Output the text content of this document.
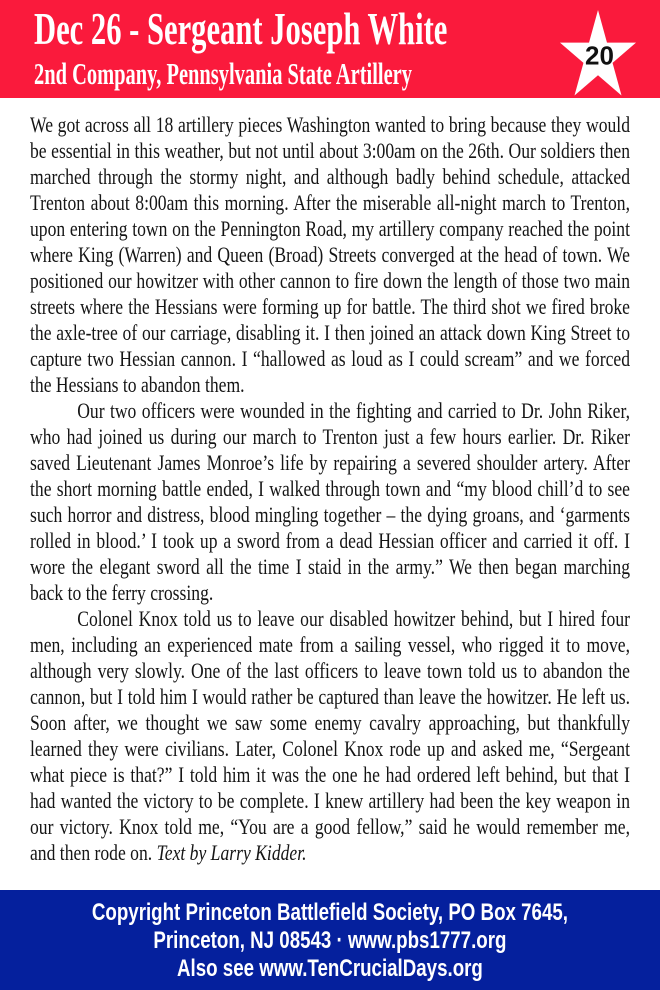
Dec 26 - Sergeant Joseph White
2nd Company, Pennsylvania State Artillery
20

We got across all 18 artillery pieces Washington wanted to bring because they would be essential in this weather, but not until about 3:00am on the 26th. Our soldiers then marched through the stormy night, and although badly behind schedule, attacked Trenton about 8:00am this morning. After the miserable all-night march to Trenton, upon entering town on the Pennington Road, my artillery company reached the point where King (Warren) and Queen (Broad) Streets converged at the head of town. We positioned our howitzer with other cannon to fire down the length of those two main streets where the Hessians were forming up for battle. The third shot we fired broke the axle-tree of our carriage, disabling it. I then joined an attack down King Street to capture two Hessian cannon. I “hallowed as loud as I could scream” and we forced the Hessians to abandon them.

Our two officers were wounded in the fighting and carried to Dr. John Riker, who had joined us during our march to Trenton just a few hours earlier. Dr. Riker saved Lieutenant James Monroe’s life by repairing a severed shoulder artery. After the short morning battle ended, I walked through town and “my blood chill’d to see such horror and distress, blood mingling together – the dying groans, and ‘garments rolled in blood.’ I took up a sword from a dead Hessian officer and carried it off. I wore the elegant sword all the time I staid in the army.” We then began marching back to the ferry crossing.

Colonel Knox told us to leave our disabled howitzer behind, but I hired four men, including an experienced mate from a sailing vessel, who rigged it to move, although very slowly. One of the last officers to leave town told us to abandon the cannon, but I told him I would rather be captured than leave the howitzer. He left us. Soon after, we thought we saw some enemy cavalry approaching, but thankfully learned they were civilians. Later, Colonel Knox rode up and asked me, “Sergeant what piece is that?” I told him it was the one he had ordered left behind, but that I had wanted the victory to be complete. I knew artillery had been the key weapon in our victory. Knox told me, “You are a good fellow,” said he would remember me, and then rode on. Text by Larry Kidder.

Copyright Princeton Battlefield Society, PO Box 7645,
Princeton, NJ 08543 · www.pbs1777.org
Also see www.TenCrucialDays.org
